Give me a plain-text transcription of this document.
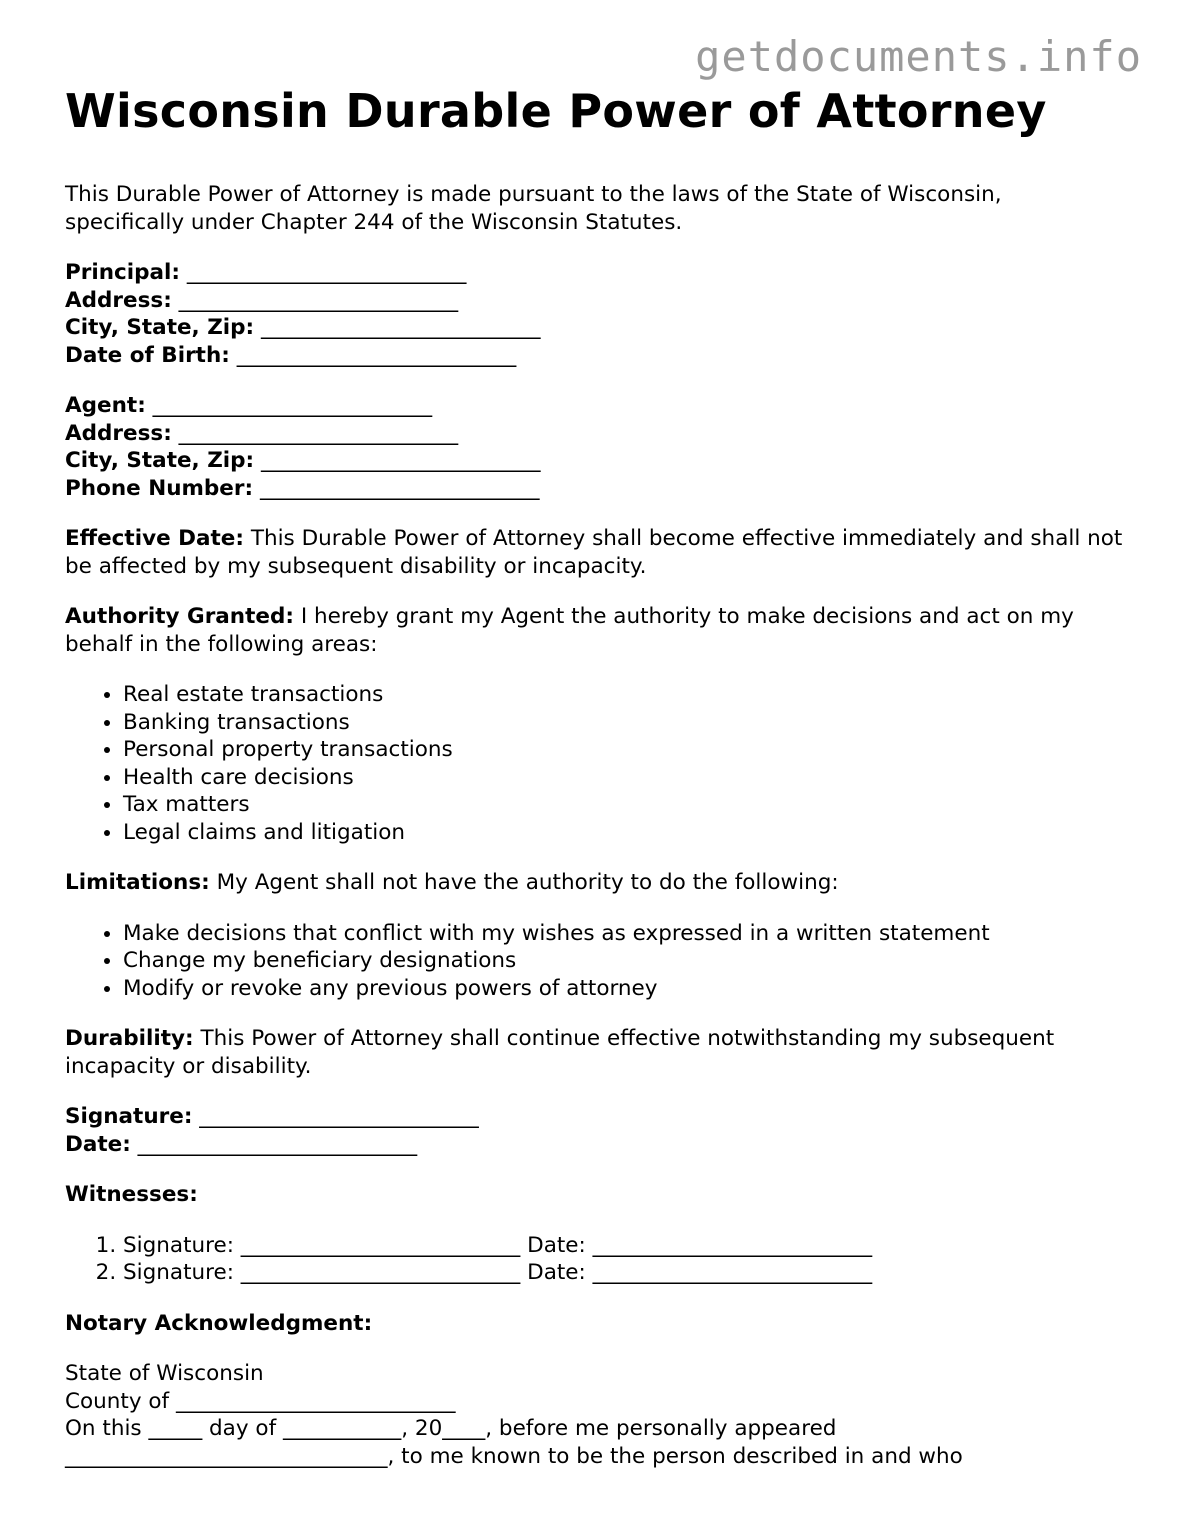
getdocuments.info
Wisconsin Durable Power of Attorney

This Durable Power of Attorney is made pursuant to the laws of the State of Wisconsin, specifically under Chapter 244 of the Wisconsin Statutes.

Principal: __________________________
Address: __________________________
City, State, Zip: __________________________
Date of Birth: __________________________
Agent: __________________________
Address: __________________________
City, State, Zip: __________________________
Phone Number: __________________________

Effective Date: This Durable Power of Attorney shall become effective immediately and shall not be affected by my subsequent disability or incapacity.

Authority Granted: I hereby grant my Agent the authority to make decisions and act on my behalf in the following areas:

• Real estate transactions
• Banking transactions
• Personal property transactions
• Health care decisions
• Tax matters
• Legal claims and litigation

Limitations: My Agent shall not have the authority to do the following:

• Make decisions that conflict with my wishes as expressed in a written statement
• Change my beneficiary designations
• Modify or revoke any previous powers of attorney

Durability: This Power of Attorney shall continue effective notwithstanding my subsequent incapacity or disability.

Signature: __________________________
Date: __________________________
Witnesses:
1. Signature: __________________________ Date: __________________________
2. Signature: __________________________ Date: __________________________
Notary Acknowledgment:
State of Wisconsin
County of __________________________
On this _____ day of ___________, 20____, before me personally appeared
______________________________, to me known to be the person described in and who
